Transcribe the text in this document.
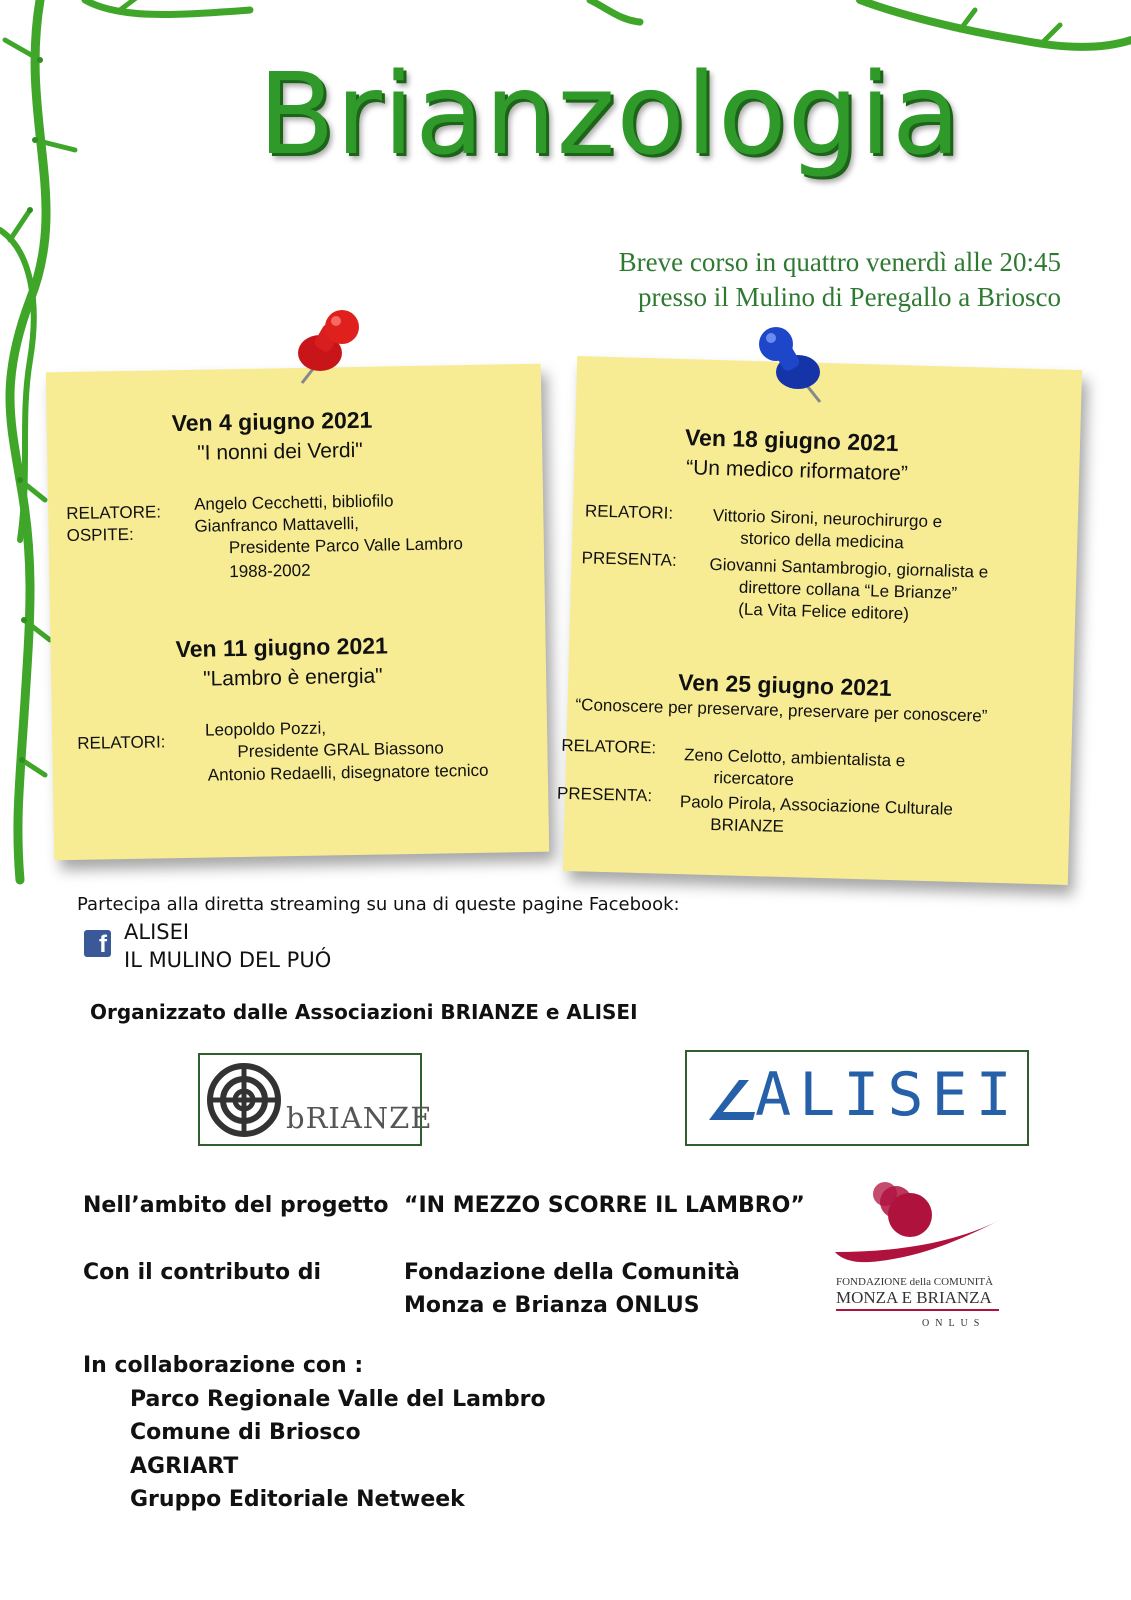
Brianzologia
Breve corso in quattro venerdì alle 20:45
presso il Mulino di Peregallo a Briosco
Ven 4 giugno 2021
"I nonni dei Verdi"
RELATORE:
OSPITE:
Angelo Cecchetti, bibliofilo
Gianfranco Mattavelli,
Presidente Parco Valle Lambro
1988-2002
Ven 11 giugno 2021
"Lambro è energia"
RELATORI:
Leopoldo Pozzi,
Presidente GRAL Biassono
Antonio Redaelli, disegnatore tecnico
Ven 18 giugno 2021
“Un medico riformatore”
RELATORI:
PRESENTA:
Vittorio Sironi, neurochirurgo e
storico della medicina
Giovanni Santambrogio, giornalista e
direttore collana “Le Brianze”
(La Vita Felice editore)
Ven 25 giugno 2021
“Conoscere per preservare, preservare per conoscere”
RELATORE:
PRESENTA:
Zeno Celotto, ambientalista e
ricercatore
Paolo Pirola, Associazione Culturale
BRIANZE
Partecipa alla diretta streaming su una di queste pagine Facebook:
f ALISEI
IL MULINO DEL PUÓ
Organizzato dalle Associazioni BRIANZE e ALISEI
bRIANZE	ALISEI
Nell’ambito del progetto “IN MEZZO SCORRE IL LAMBRO”
Con il contributo di	Fondazione della Comunità
Monza e Brianza ONLUS
FONDAZIONE della COMUNITÀ
MONZA E BRIANZA
ONLUS
In collaborazione con :
Parco Regionale Valle del Lambro
Comune di Briosco
AGRIART
Gruppo Editoriale Netweek
